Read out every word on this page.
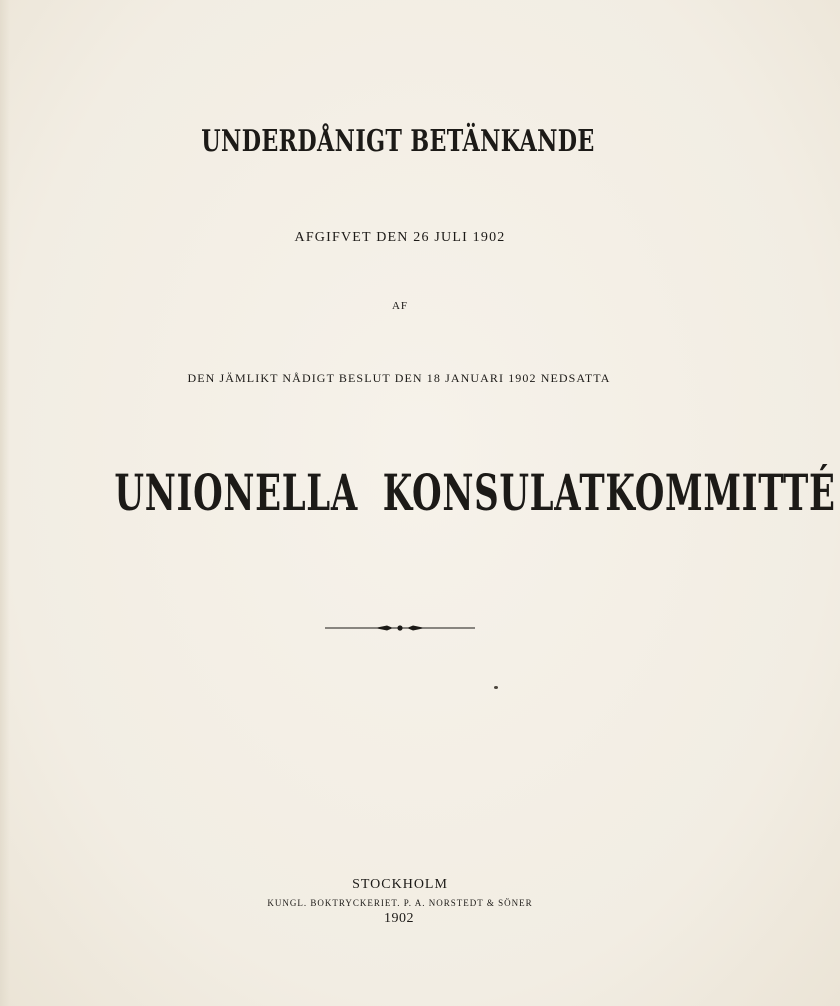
UNDERDÅNIGT BETÄNKANDE
AFGIFVET DEN 26 JULI 1902
AF
DEN JÄMLIKT NÅDIGT BESLUT DEN 18 JANUARI 1902 NEDSATTA
UNIONELLA KONSULATKOMMITTÉ
STOCKHOLM
KUNGL. BOKTRYCKERIET. P. A. NORSTEDT & SÖNER
1902
